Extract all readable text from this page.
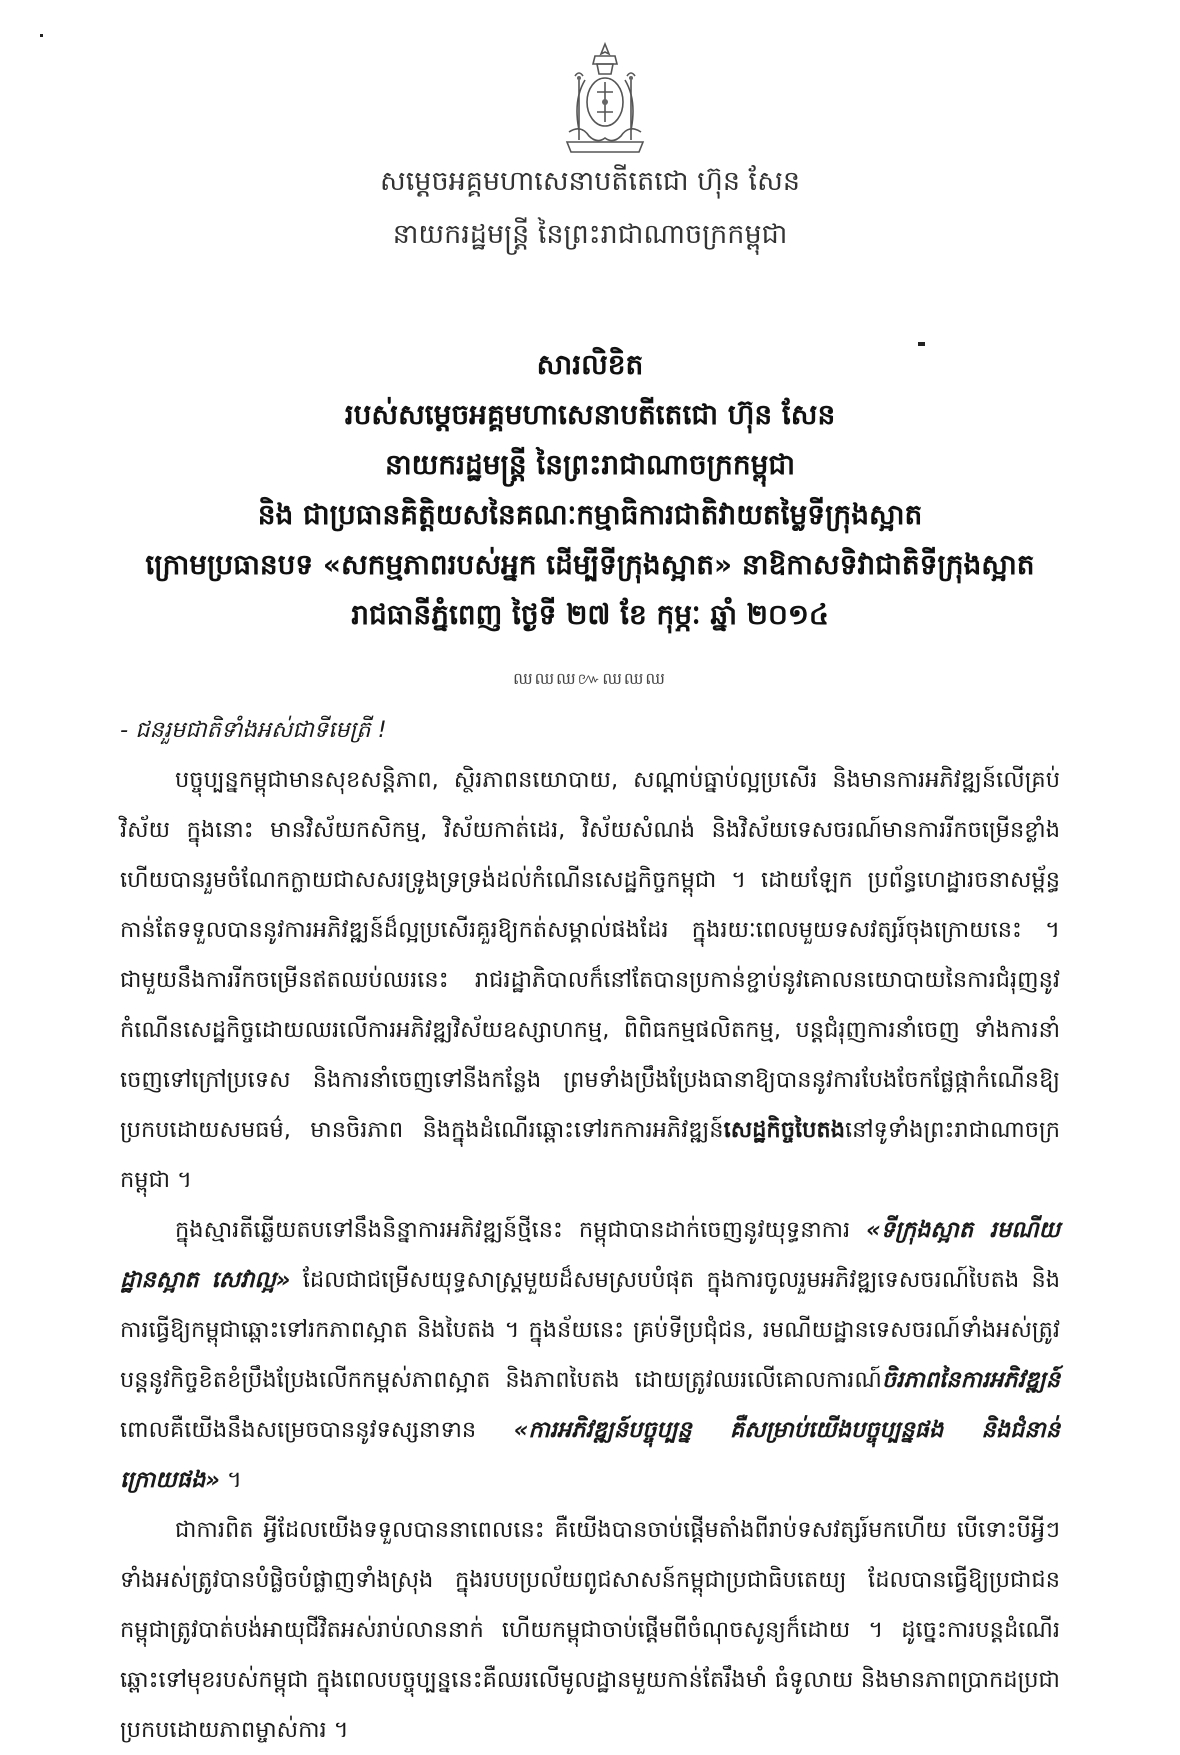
សម្តេចអគ្គមហាសេនាបតីតេជោ ហ៊ុន សែន
នាយករដ្ឋមន្ត្រី នៃព្រះរាជាណាចក្រកម្ពុជា
សារលិខិត
របស់សម្តេចអគ្គមហាសេនាបតីតេជោ ហ៊ុន សែន
នាយករដ្ឋមន្ត្រី នៃព្រះរាជាណាចក្រកម្ពុជា
និង ជាប្រធានគិត្តិយសនៃគណៈកម្មាធិការជាតិវាយតម្លៃទីក្រុងស្អាត
ក្រោមប្រធានបទ «សកម្មភាពរបស់អ្នក ដើម្បីទីក្រុងស្អាត» នាឱកាសទិវាជាតិទីក្រុងស្អាត
រាជធានីភ្នំពេញ ថ្ងៃទី ២៧ ខែ កុម្ភៈ ឆ្នាំ ២០១៤
ឈឈឈ៚ឈឈឈ

- ជនរួមជាតិទាំងអស់ជាទីមេត្រី !

បច្ចុប្បន្នកម្ពុជាមានសុខសន្តិភាព, ស្ថិរភាពនយោបាយ, សណ្តាប់ធ្នាប់ល្អប្រសើរ និងមានការអភិវឌ្ឍន៍លើគ្រប់វិស័យ ក្នុងនោះ មានវិស័យកសិកម្ម, វិស័យកាត់ដេរ, វិស័យសំណង់ និងវិស័យទេសចរណ៍មានការរីកចម្រើនខ្លាំង ហើយបានរួមចំណែកក្លាយជាសសរទ្រូងទ្រទ្រង់ដល់កំណើនសេដ្ឋកិច្ចកម្ពុជា ។ ដោយឡែក ប្រព័ន្ធហេដ្ឋារចនាសម្ព័ន្ធកាន់តែទទួលបាននូវការអភិវឌ្ឍន៍ដ៏ល្អប្រសើរគួរឱ្យកត់សម្គាល់ផងដែរ ក្នុងរយៈពេលមួយទសវត្សរ៍ចុងក្រោយនេះ ។ ជាមួយនឹងការរីកចម្រើនឥតឈប់ឈរនេះ រាជរដ្ឋាភិបាលក៏នៅតែបានប្រកាន់ខ្ជាប់នូវគោលនយោបាយនៃការជំរុញនូវកំណើនសេដ្ឋកិច្ចដោយឈរលើការអភិវឌ្ឍវិស័យឧស្សាហកម្ម, ពិពិធកម្មផលិតកម្ម, បន្តជំរុញការនាំចេញ ទាំងការនាំចេញទៅក្រៅប្រទេស និងការនាំចេញទៅនីងកន្លែង ព្រមទាំងប្រឹងប្រែងធានាឱ្យបាននូវការបែងចែកផ្លែផ្កាកំណើនឱ្យប្រកបដោយសមធម៌, មានចិរភាព និងក្នុងដំណើរឆ្ពោះទៅរកការអភិវឌ្ឍន៍សេដ្ឋកិច្ចបៃតងនៅទូទាំងព្រះរាជាណាចក្រកម្ពុជា ។

ក្នុងស្មារតីឆ្លើយតបទៅនឹងនិន្នាការអភិវឌ្ឍន៍ថ្មីនេះ កម្ពុជាបានដាក់ចេញនូវយុទ្ធនាការ «ទីក្រុងស្អាត រមណីយដ្ឋានស្អាត សេវាល្អ» ដែលជាជម្រើសយុទ្ធសាស្ត្រមួយដ៏សមស្របបំផុត ក្នុងការចូលរួមអភិវឌ្ឍទេសចរណ៍បៃតង និងការធ្វើឱ្យកម្ពុជាឆ្ពោះទៅរកភាពស្អាត និងបៃតង ។ ក្នុងន័យនេះ គ្រប់ទីប្រជុំជន, រមណីយដ្ឋានទេសចរណ៍ទាំងអស់ត្រូវបន្តនូវកិច្ចខិតខំប្រឹងប្រែងលើកកម្ពស់ភាពស្អាត និងភាពបៃតង ដោយត្រូវឈរលើគោលការណ៍ចិរភាពនៃការអភិវឌ្ឍន៍ ពោលគឺយើងនឹងសម្រេចបាននូវទស្សនាទាន «ការអភិវឌ្ឍន៍បច្ចុប្បន្ន គឺសម្រាប់យើងបច្ចុប្បន្នផង និងជំនាន់ក្រោយផង» ។

ជាការពិត អ្វីដែលយើងទទួលបាននាពេលនេះ គឺយើងបានចាប់ផ្តើមតាំងពីរាប់ទសវត្សរ៍មកហើយ បើទោះបីអ្វីៗទាំងអស់ត្រូវបានបំផ្លិចបំផ្លាញទាំងស្រុង ក្នុងរបបប្រល័យពូជសាសន៍កម្ពុជាប្រជាធិបតេយ្យ ដែលបានធ្វើឱ្យប្រជាជនកម្ពុជាត្រូវបាត់បង់អាយុជីវិតអស់រាប់លាននាក់ ហើយកម្ពុជាចាប់ផ្តើមពីចំណុចសូន្យក៏ដោយ ។ ដូច្នេះការបន្តដំណើរឆ្ពោះទៅមុខរបស់កម្ពុជា ក្នុងពេលបច្ចុប្បន្ននេះគឺឈរលើមូលដ្ឋានមួយកាន់តែរឹងមាំ ធំទូលាយ និងមានភាពប្រាកដប្រជាប្រកបដោយភាពម្ចាស់ការ ។
